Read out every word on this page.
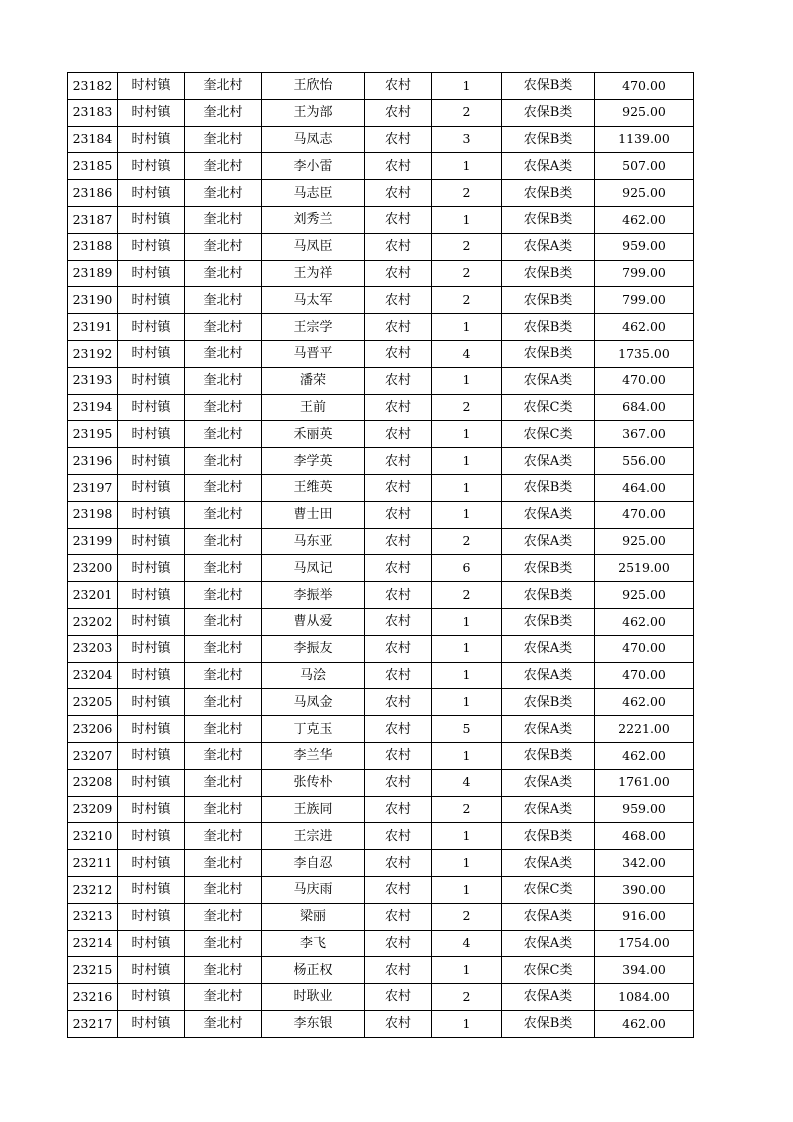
23182	时村镇	奎北村	王欣怡	农村	1	农保B类	470.00
23183	时村镇	奎北村	王为部	农村	2	农保B类	925.00
23184	时村镇	奎北村	马凤志	农村	3	农保B类	1139.00
23185	时村镇	奎北村	李小雷	农村	1	农保A类	507.00
23186	时村镇	奎北村	马志臣	农村	2	农保B类	925.00
23187	时村镇	奎北村	刘秀兰	农村	1	农保B类	462.00
23188	时村镇	奎北村	马凤臣	农村	2	农保A类	959.00
23189	时村镇	奎北村	王为祥	农村	2	农保B类	799.00
23190	时村镇	奎北村	马太军	农村	2	农保B类	799.00
23191	时村镇	奎北村	王宗学	农村	1	农保B类	462.00
23192	时村镇	奎北村	马晋平	农村	4	农保B类	1735.00
23193	时村镇	奎北村	潘荣	农村	1	农保A类	470.00
23194	时村镇	奎北村	王前	农村	2	农保C类	684.00
23195	时村镇	奎北村	禾丽英	农村	1	农保C类	367.00
23196	时村镇	奎北村	李学英	农村	1	农保A类	556.00
23197	时村镇	奎北村	王维英	农村	1	农保B类	464.00
23198	时村镇	奎北村	曹士田	农村	1	农保A类	470.00
23199	时村镇	奎北村	马东亚	农村	2	农保A类	925.00
23200	时村镇	奎北村	马凤记	农村	6	农保B类	2519.00
23201	时村镇	奎北村	李振举	农村	2	农保B类	925.00
23202	时村镇	奎北村	曹从爱	农村	1	农保B类	462.00
23203	时村镇	奎北村	李振友	农村	1	农保A类	470.00
23204	时村镇	奎北村	马浍	农村	1	农保A类	470.00
23205	时村镇	奎北村	马凤金	农村	1	农保B类	462.00
23206	时村镇	奎北村	丁克玉	农村	5	农保A类	2221.00
23207	时村镇	奎北村	李兰华	农村	1	农保B类	462.00
23208	时村镇	奎北村	张传朴	农村	4	农保A类	1761.00
23209	时村镇	奎北村	王族同	农村	2	农保A类	959.00
23210	时村镇	奎北村	王宗进	农村	1	农保B类	468.00
23211	时村镇	奎北村	李自忍	农村	1	农保A类	342.00
23212	时村镇	奎北村	马庆雨	农村	1	农保C类	390.00
23213	时村镇	奎北村	梁丽	农村	2	农保A类	916.00
23214	时村镇	奎北村	李飞	农村	4	农保A类	1754.00
23215	时村镇	奎北村	杨正权	农村	1	农保C类	394.00
23216	时村镇	奎北村	时耿业	农村	2	农保A类	1084.00
23217	时村镇	奎北村	李东银	农村	1	农保B类	462.00
